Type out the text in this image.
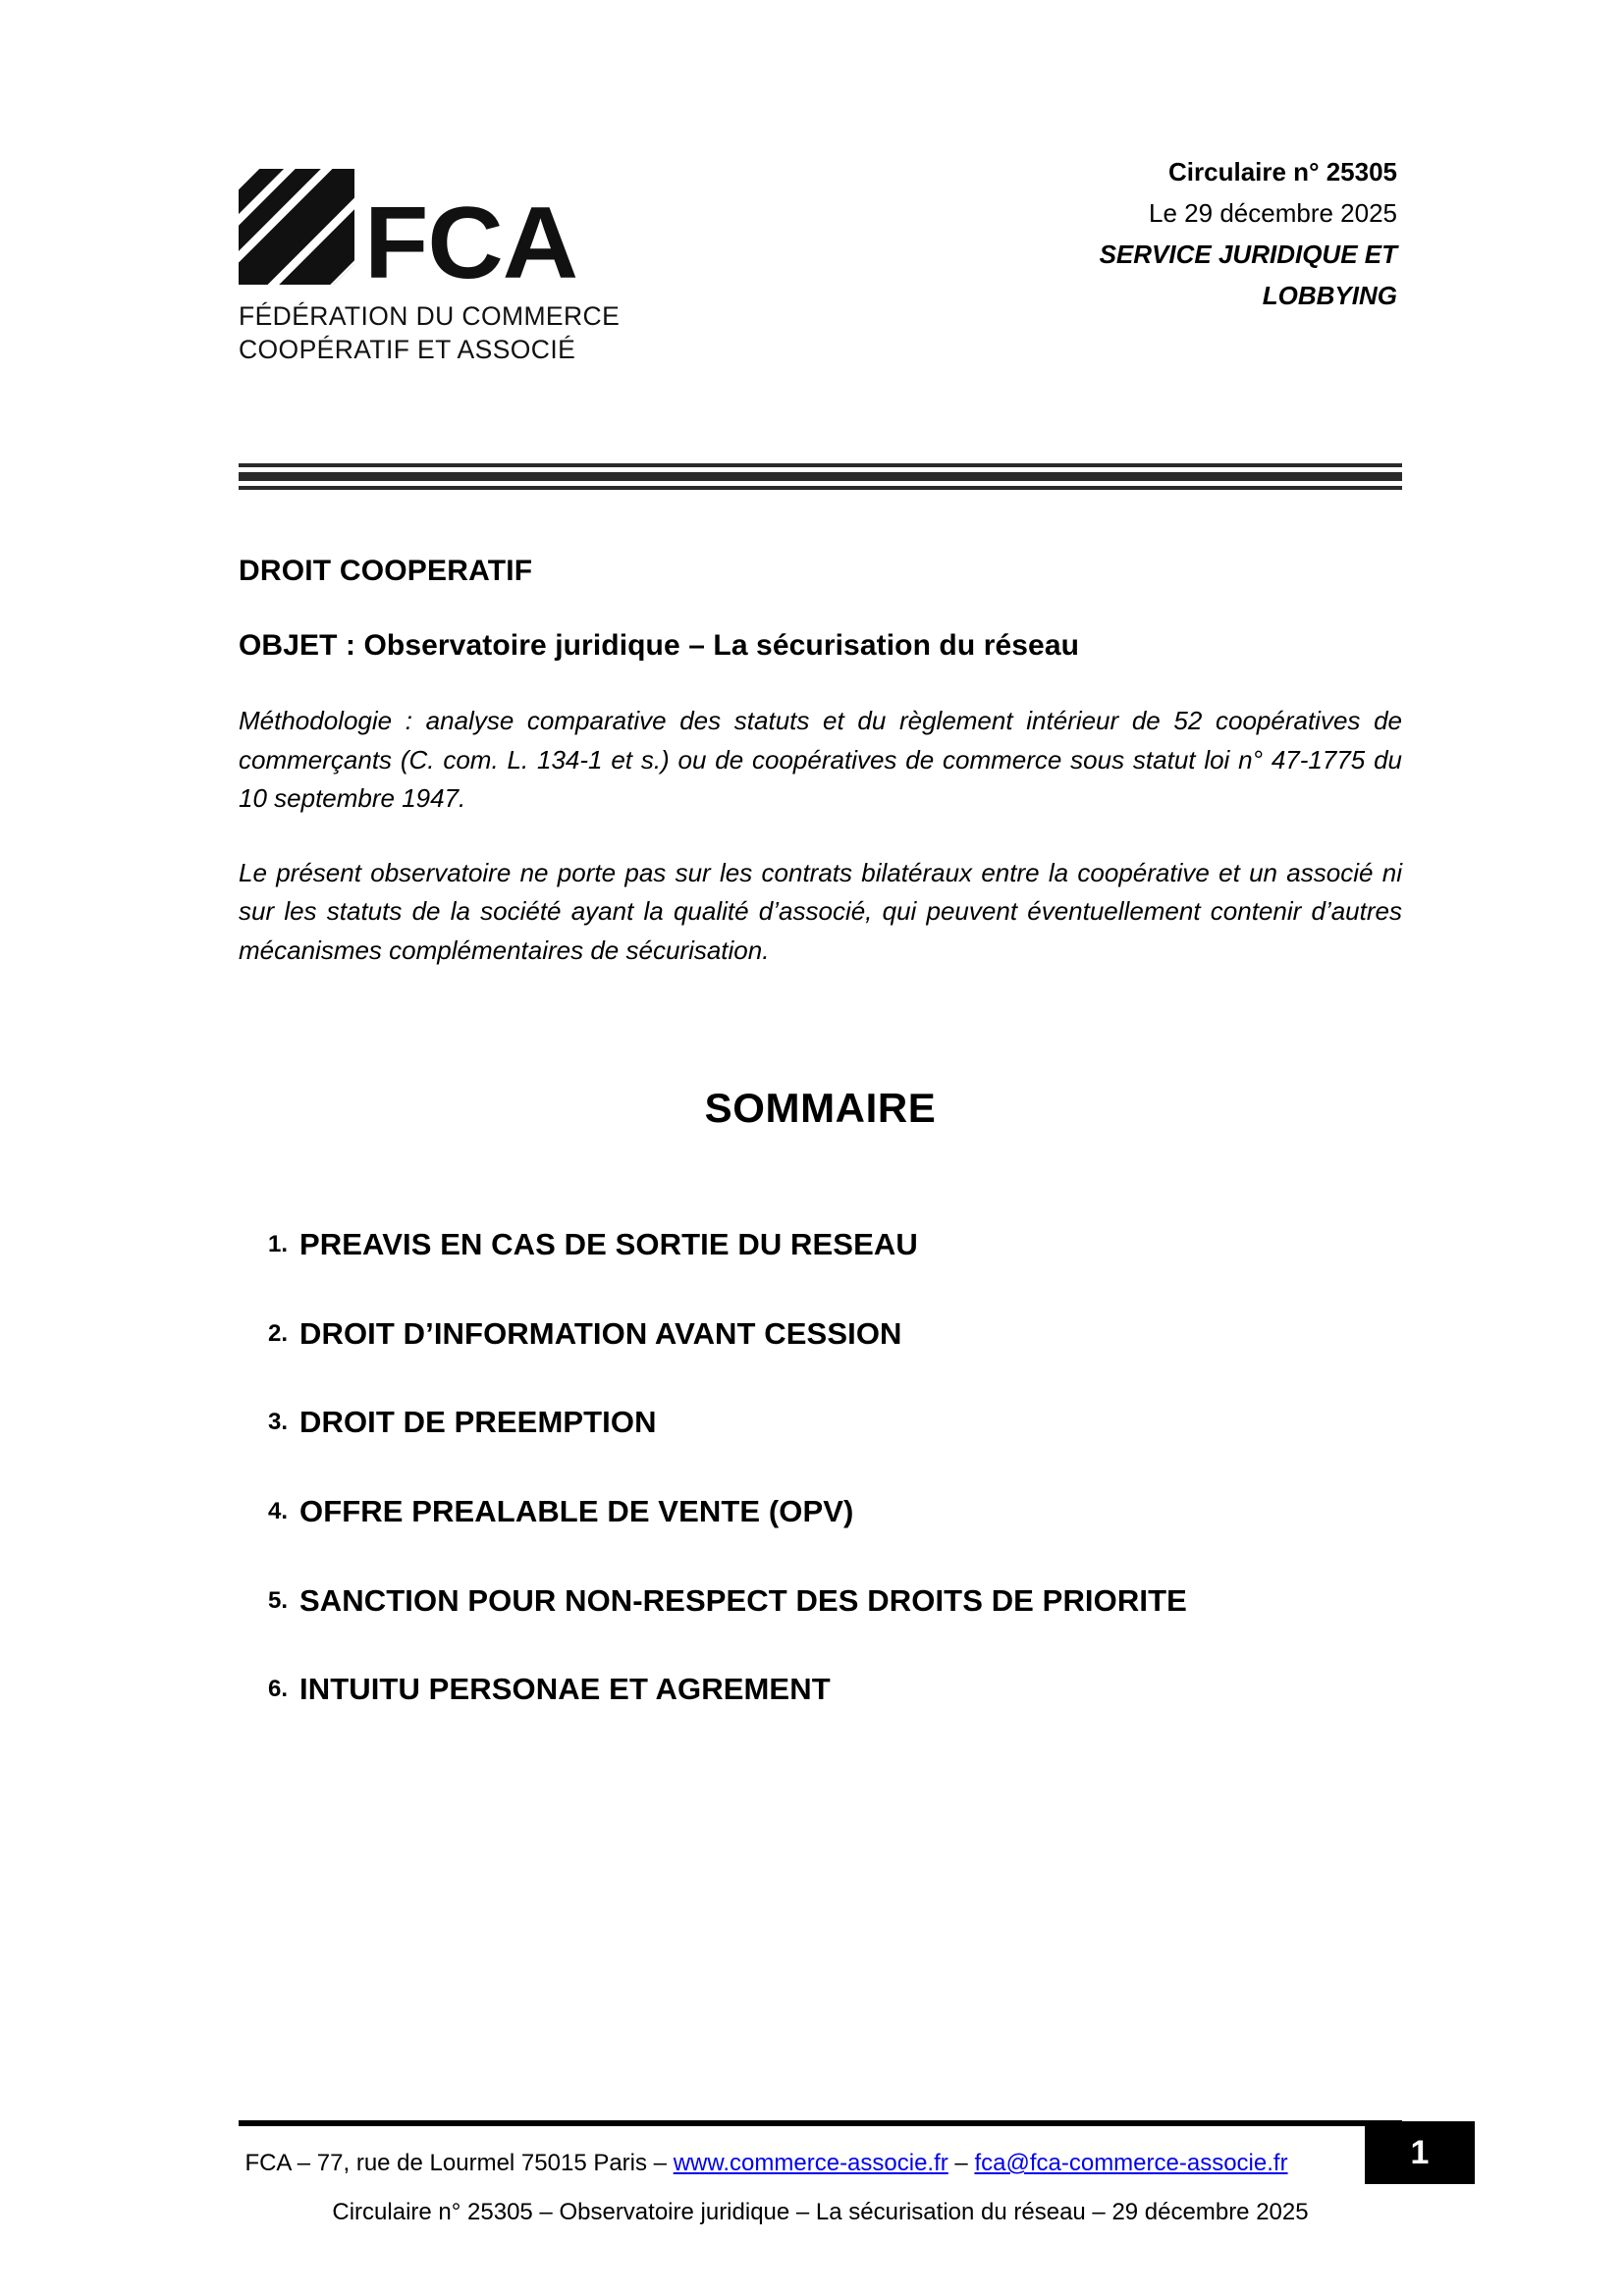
FCA
FÉDÉRATION DU COMMERCE
COOPÉRATIF ET ASSOCIÉ
Circulaire n° 25305
Le 29 décembre 2025
SERVICE JURIDIQUE ET
LOBBYING

DROIT COOPERATIF

OBJET : Observatoire juridique – La sécurisation du réseau

Méthodologie : analyse comparative des statuts et du règlement intérieur de 52 coopératives de commerçants (C. com. L. 134-1 et s.) ou de coopératives de commerce sous statut loi n° 47-1775 du 10 septembre 1947.

Le présent observatoire ne porte pas sur les contrats bilatéraux entre la coopérative et un associé ni sur les statuts de la société ayant la qualité d’associé, qui peuvent éventuellement contenir d’autres mécanismes complémentaires de sécurisation.

SOMMAIRE
1. PREAVIS EN CAS DE SORTIE DU RESEAU
2. DROIT D’INFORMATION AVANT CESSION
3. DROIT DE PREEMPTION
4. OFFRE PREALABLE DE VENTE (OPV)
5. SANCTION POUR NON-RESPECT DES DROITS DE PRIORITE
6. INTUITU PERSONAE ET AGREMENT
FCA – 77, rue de Lourmel 75015 Paris – www.commerce-associe.fr – fca@fca-commerce-associe.fr
Circulaire n° 25305 – Observatoire juridique – La sécurisation du réseau – 29 décembre 2025
1
